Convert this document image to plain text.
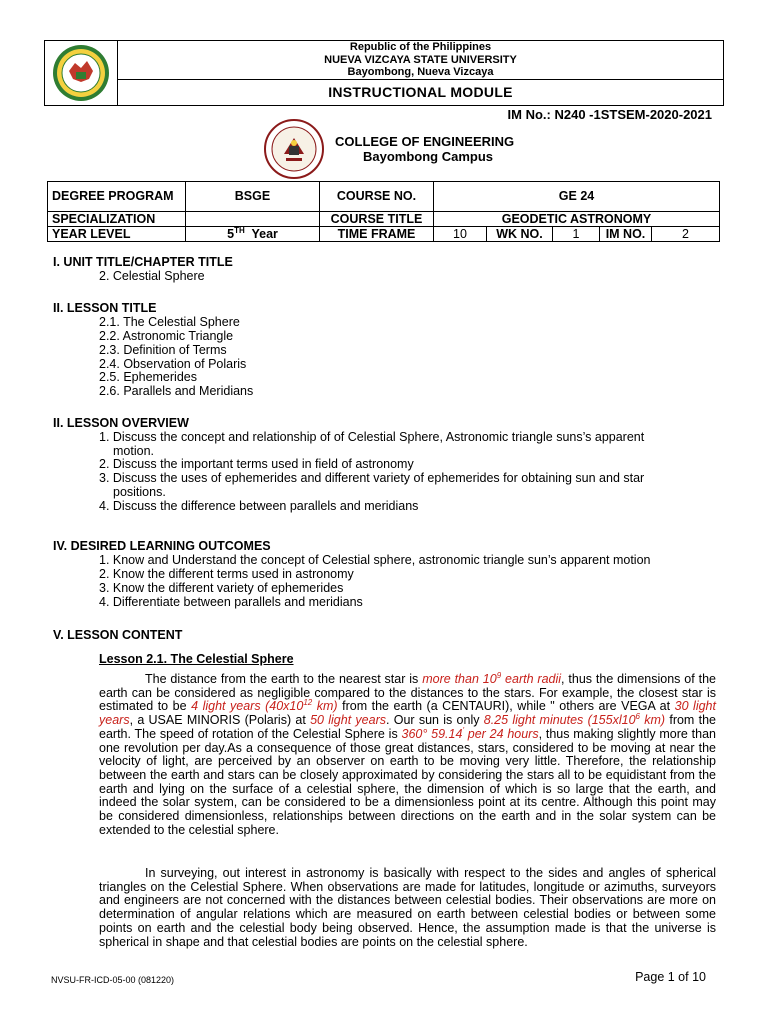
Republic of the Philippines
NUEVA VIZCAYA STATE UNIVERSITY
Bayombong, Nueva Vizcaya
INSTRUCTIONAL MODULE
IM No.: N240 -1STSEM-2020-2021
COLLEGE OF ENGINEERING
Bayombong Campus
DEGREE PROGRAM	BSGE	COURSE NO.	GE 24				
SPECIALIZATION		COURSE TITLE	GEODETIC ASTRONOMY				
YEAR LEVEL	5TH Year	TIME FRAME	10	WK NO.	1	IM NO.	2
I. UNIT TITLE/CHAPTER TITLE
2. Celestial Sphere
II. LESSON TITLE
2.1. The Celestial Sphere
2.2. Astronomic Triangle
2.3. Definition of Terms
2.4. Observation of Polaris
2.5. Ephemerides
2.6. Parallels and Meridians
II. LESSON OVERVIEW
1. Discuss the concept and relationship of of Celestial Sphere, Astronomic triangle suns’s apparent
motion.
2. Discuss the important terms used in field of astronomy
3. Discuss the uses of ephemerides and different variety of ephemerides for obtaining sun and star
positions.
4. Discuss the difference between parallels and meridians
IV. DESIRED LEARNING OUTCOMES
1. Know and Understand the concept of Celestial sphere, astronomic triangle sun’s apparent motion
2. Know the different terms used in astronomy
3. Know the different variety of ephemerides
4. Differentiate between parallels and meridians
V. LESSON CONTENT
Lesson 2.1. The Celestial Sphere
The distance from the earth to the nearest star is more than $10^9$ earth radii, thus the dimensions of the earth can be considered as negligible compared to the distances to the stars. For example, the closest star is estimated to be 4 light years ($40x10^{12}$ km) from the earth (a CENTAURI), while " others are VEGA at 30 light years, a USAE MINORIS (Polaris) at 50 light years. Our sun is only 8.25 light minutes ($155xl10^6$ km) from the earth. The speed of rotation of the Celestial Sphere is 360° 59.14' per 24 hours, thus making slightly more than one revolution per day.As a consequence of those great distances, stars, considered to be moving at near the velocity of light, are perceived by an observer on earth to be moving very little. Therefore, the relationship between the earth and stars can be closely approximated by considering the stars all to be equidistant from the earth and lying on the surface of a celestial sphere, the dimension of which is so large that the earth, and indeed the solar system, can be considered to be a dimensionless point at its centre. Although this point may be considered dimensionless, relationships between directions on the earth and in the solar system can be extended to the celestial sphere.
In surveying, out interest in astronomy is basically with respect to the sides and angles of spherical triangles on the Celestial Sphere. When observations are made for latitudes, longitude or azimuths, surveyors and engineers are not concerned with the distances between celestial bodies. Their observations are more on determination of angular relations which are measured on earth between celestial bodies or between some points on earth and the celestial body being observed. Hence, the assumption made is that the universe is spherical in shape and that celestial bodies are points on the celestial sphere.
NVSU-FR-ICD-05-00 (081220)	Page 1 of 10
